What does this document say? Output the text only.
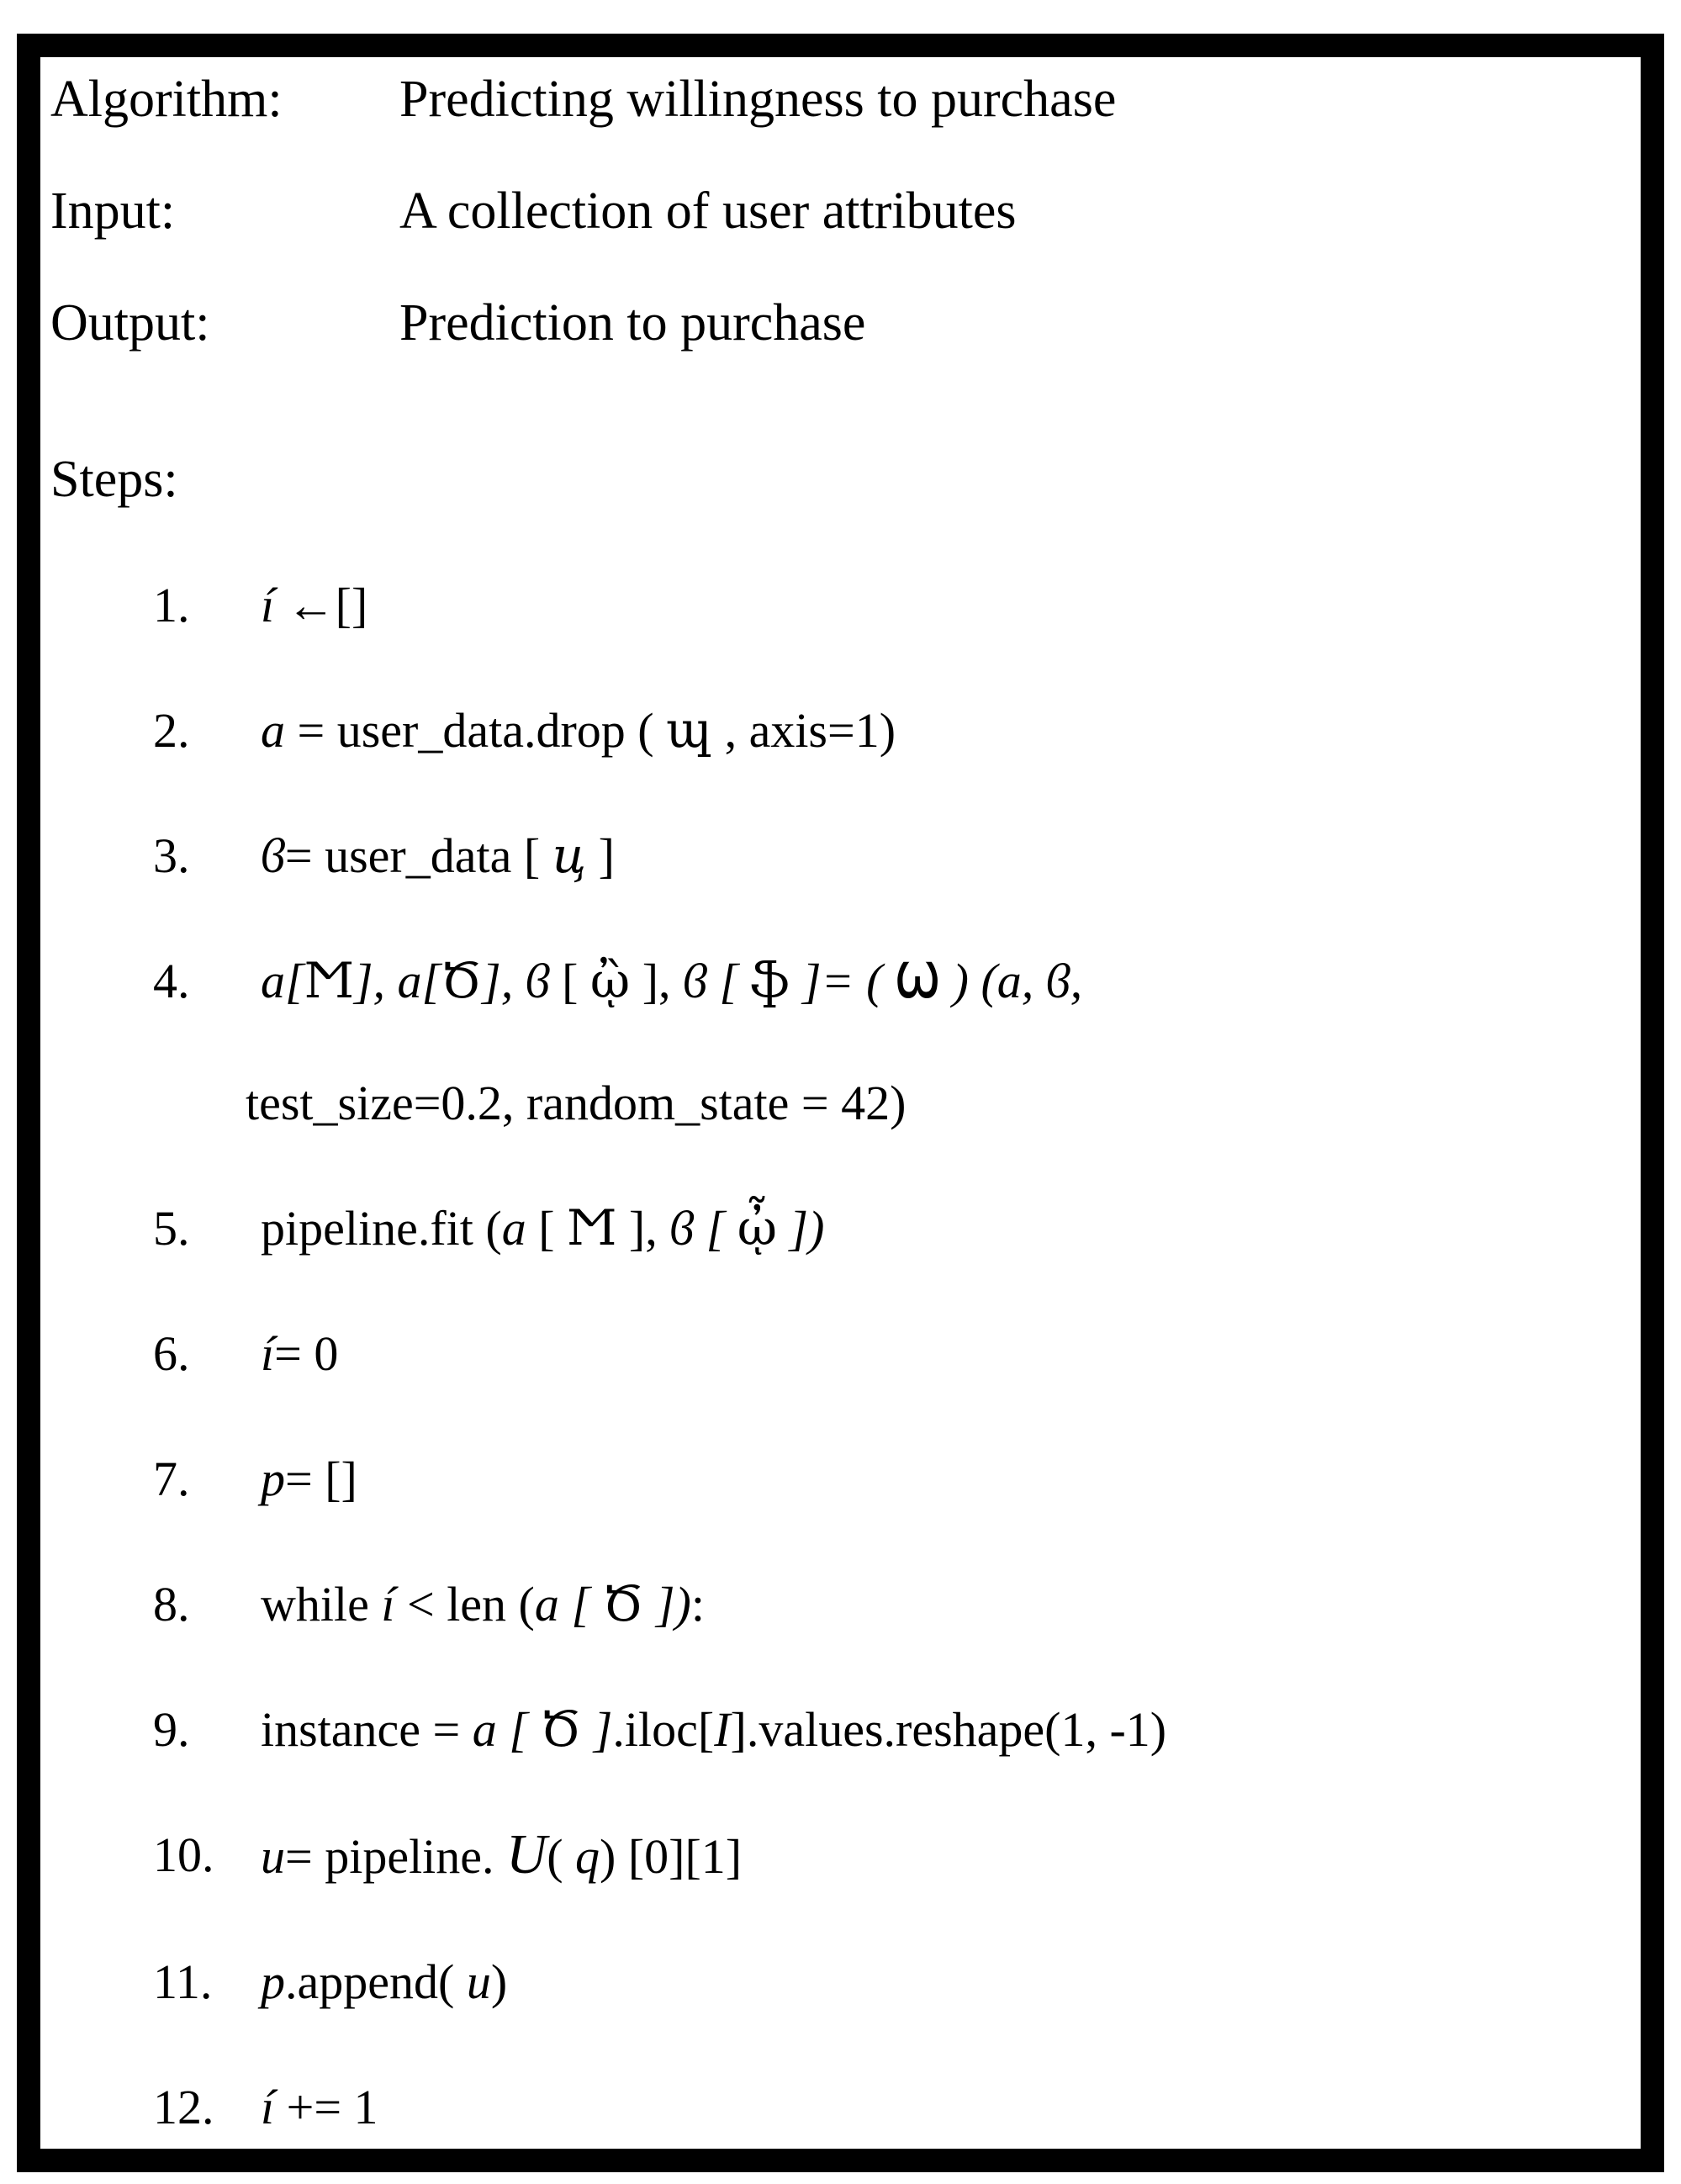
Algorithm:	Predicting willingness to purchase
Input:	A collection of user attributes
Output:	Prediction to purchase
Steps:
1.	í ←[]
2.	a = user_data.drop ( ɰ , axis=1)
3.	ϐ= user_data [ ц ]
4.	a[Ϻ], a[Ծ], ϐ [ ᾢ ], ϐ [ ֆ ]= ( Ѡ ) (a, ϐ,
test_size=0.2, random_state = 42)
5.	pipeline.fit (a [ Ϻ ], ϐ [ ᾦ ])
6.	í= 0
7.	p= []
8.	while í < len (a [ Ծ ]):
9.	instance = a [ Ծ ].iloc[I].values.reshape(1, -1)
10. u= pipeline. U( q) [0][1]
11. p.append( u)
12. í += 1
